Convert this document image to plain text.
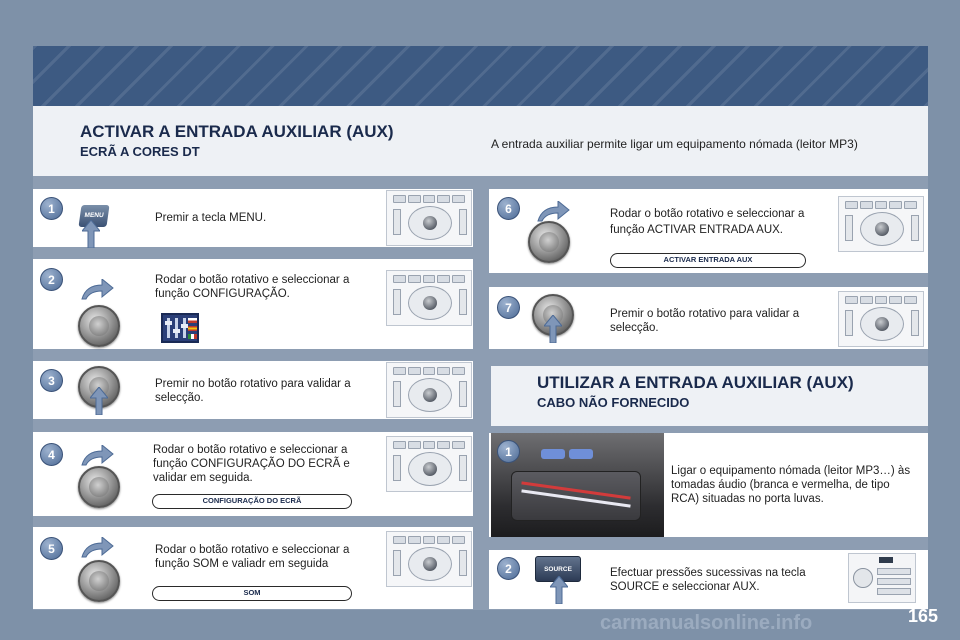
ACTIVAR A ENTRADA AUXILIAR (AUX)
ECRÃ A CORES DT	A entrada auxiliar permite ligar um equipamento nómada (leitor MP3)
1	MENU	Premir a tecla MENU.
2	Rodar o botão rotativo e seleccionar a função CONFIGURAÇÃO.
3	Premir no botão rotativo para validar a selecção.
4	Rodar o botão rotativo e seleccionar a função CONFIGURAÇÃO DO ECRÃ e validar em seguida.
CONFIGURAÇÃO DO ECRÃ
5	Rodar o botão rotativo e seleccionar a função SOM e valiadr em seguida
SOM
6	Rodar o botão rotativo e seleccionar a função ACTIVAR ENTRADA AUX.
ACTIVAR ENTRADA AUX
7	Premir o botão rotativo para validar a selecção.
UTILIZAR A ENTRADA AUXILIAR (AUX)
CABO NÃO FORNECIDO
1
Ligar o equipamento nómada (leitor MP3…) às tomadas áudio (branca e vermelha, de tipo RCA) situadas no porta luvas.
2	SOURCE	Efectuar pressões sucessivas na tecla SOURCE e seleccionar AUX.
carmanualsonline.info	165
